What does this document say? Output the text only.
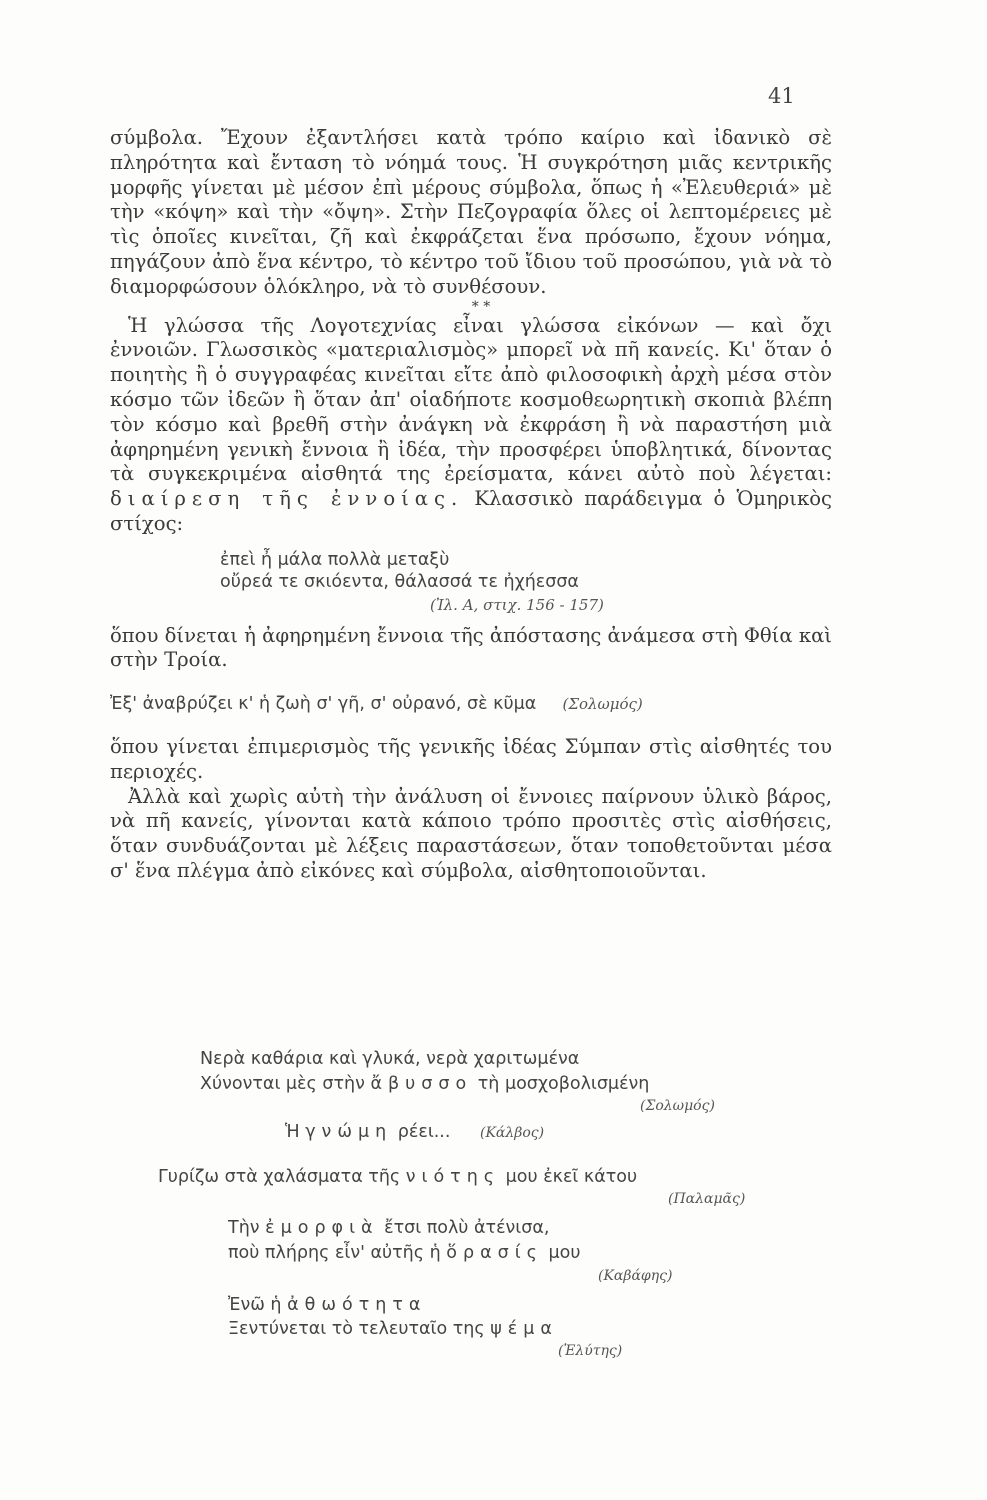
41

σύμβολα. Ἔχουν ἐξαντλήσει κατὰ τρόπο καίριο καὶ ἰδανικὸ σὲ πληρότητα καὶ ἔνταση τὸ νόημά τους. Ἡ συγκρότηση μιᾶς κεντρικῆς μορφῆς γίνεται μὲ μέσον ἐπὶ μέρους σύμβολα, ὅπως ἡ «Ἐλευθεριά» μὲ τὴν «κόψη» καὶ τὴν «ὄψη». Στὴν Πεζογραφία ὅλες οἱ λεπτομέρειες μὲ τὶς ὁποῖες κινεῖται, ζῆ καὶ ἐκφράζεται ἕνα πρόσωπο, ἔχουν νόημα, πηγάζουν ἀπὸ ἕνα κέντρο, τὸ κέντρο τοῦ ἴδιου τοῦ προσώπου, γιὰ νὰ τὸ διαμορφώσουν ὁλόκληρο, νὰ τὸ συνθέσουν.

* *

Ἡ γλώσσα τῆς Λογοτεχνίας εἶναι γλώσσα εἰκόνων — καὶ ὄχι ἐννοιῶν. Γλωσσικὸς «ματεριαλισμὸς» μπορεῖ νὰ πῆ κανείς. Κι' ὅταν ὁ ποιητὴς ἢ ὁ συγγραφέας κινεῖται εἴτε ἀπὸ φιλοσοφικὴ ἀρχὴ μέσα στὸν κόσμο τῶν ἰδεῶν ἢ ὅταν ἀπ' οἱαδήποτε κοσμοθεωρητικὴ σκοπιὰ βλέπη τὸν κόσμο καὶ βρεθῆ στὴν ἀνάγκη νὰ ἐκφράση ἢ νὰ παραστήση μιὰ ἀφηρημένη γενικὴ ἔννοια ἢ ἰδέα, τὴν προσφέρει ὑποβλητικά, δίνοντας τὰ συγκεκριμένα αἰσθητά της ἐρείσματα, κάνει αὐτὸ ποὺ λέγεται: διαίρεση τῆς ἐννοίας. Κλασσικὸ παράδειγμα ὁ Ὁμηρικὸς στίχος:

ἐπεὶ ἦ μάλα πολλὰ μεταξὺ
οὔρεά τε σκιόεντα, θάλασσά τε ἠχήεσσα
(Ἰλ. Α, στιχ. 156 - 157)

ὅπου δίνεται ἡ ἀφηρημένη ἔννοια τῆς ἀπόστασης ἀνάμεσα στὴ Φθία καὶ στὴν Τροία.

Ἐξ' ἀναβρύζει κ' ἡ ζωὴ σ' γῆ, σ' οὐρανό, σὲ κῦμα (Σολωμός)

ὅπου γίνεται ἐπιμερισμὸς τῆς γενικῆς ἰδέας Σύμπαν στὶς αἰσθητές του περιοχές.

Ἀλλὰ καὶ χωρὶς αὐτὴ τὴν ἀνάλυση οἱ ἔννοιες παίρνουν ὑλικὸ βάρος, νὰ πῆ κανείς, γίνονται κατὰ κάποιο τρόπο προσιτὲς στὶς αἰσθήσεις, ὅταν συνδυάζονται μὲ λέξεις παραστάσεων, ὅταν τοποθετοῦνται μέσα σ' ἕνα πλέγμα ἀπὸ εἰκόνες καὶ σύμβολα, αἰσθητοποιοῦνται.

Νερὰ καθάρια καὶ γλυκά, νερὰ χαριτωμένα
Χύνονται μὲς στὴν ἄβυσσο τὴ μοσχοβολισμένη
(Σολωμός)
Ἡ γνώμη ρέει... (Κάλβος)
Γυρίζω στὰ χαλάσματα τῆς νιότης μου ἐκεῖ κάτου
(Παλαμᾶς)
Τὴν ἐμορφιὰ ἔτσι πολὺ ἀτένισα,
ποὺ πλήρης εἶν' αὐτῆς ἡ ὅρασίς μου
(Καβάφης)
Ἐνῶ ἡ ἀθωότητα
Ξεντύνεται τὸ τελευταῖο της ψέμα
(Ἐλύτης)
